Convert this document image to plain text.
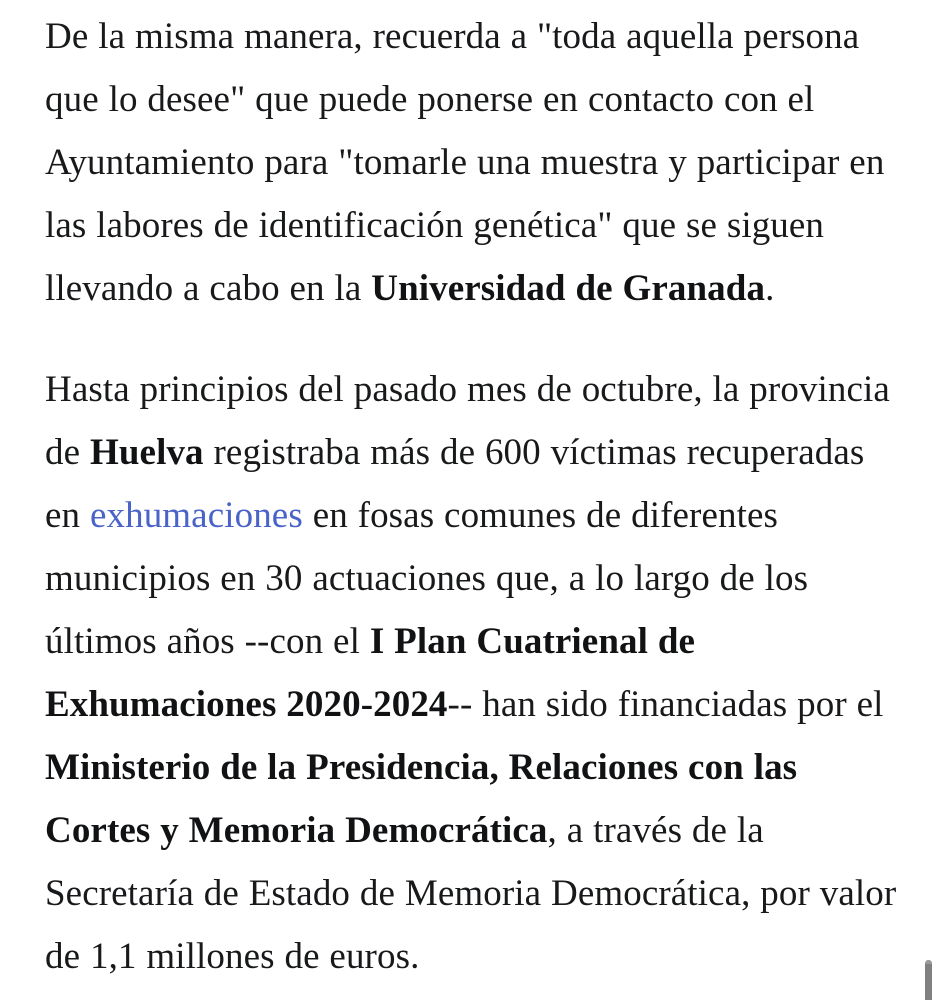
De la misma manera, recuerda a "toda aquella persona que lo desee" que puede ponerse en contacto con el Ayuntamiento para "tomarle una muestra y participar en las labores de identificación genética" que se siguen llevando a cabo en la Universidad de Granada.

Hasta principios del pasado mes de octubre, la provincia de Huelva registraba más de 600 víctimas recuperadas en exhumaciones en fosas comunes de diferentes municipios en 30 actuaciones que, a lo largo de los últimos años --con el I Plan Cuatrienal de Exhumaciones 2020-2024-- han sido financiadas por el Ministerio de la Presidencia, Relaciones con las Cortes y Memoria Democrática, a través de la Secretaría de Estado de Memoria Democrática, por valor de 1,1 millones de euros.
